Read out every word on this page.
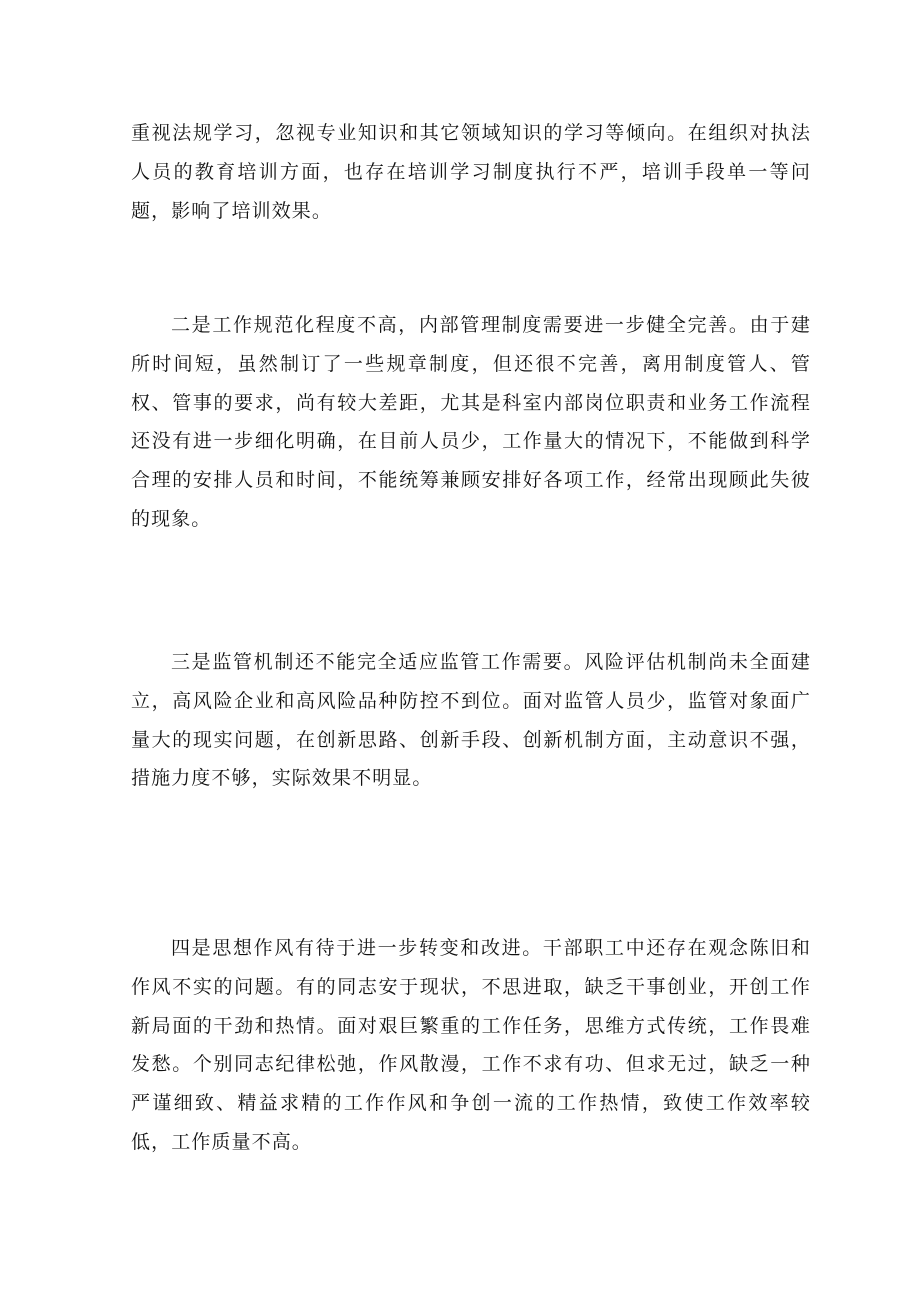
重视法规学习，忽视专业知识和其它领域知识的学习等倾向。在组织对执法人员的教育培训方面，也存在培训学习制度执行不严，培训手段单一等问题，影响了培训效果。

二是工作规范化程度不高，内部管理制度需要进一步健全完善。由于建所时间短，虽然制订了一些规章制度，但还很不完善，离用制度管人、管权、管事的要求，尚有较大差距，尤其是科室内部岗位职责和业务工作流程还没有进一步细化明确，在目前人员少，工作量大的情况下，不能做到科学合理的安排人员和时间，不能统筹兼顾安排好各项工作，经常出现顾此失彼的现象。

三是监管机制还不能完全适应监管工作需要。风险评估机制尚未全面建立，高风险企业和高风险品种防控不到位。面对监管人员少，监管对象面广量大的现实问题，在创新思路、创新手段、创新机制方面，主动意识不强，措施力度不够，实际效果不明显。

四是思想作风有待于进一步转变和改进。干部职工中还存在观念陈旧和作风不实的问题。有的同志安于现状，不思进取，缺乏干事创业，开创工作新局面的干劲和热情。面对艰巨繁重的工作任务，思维方式传统，工作畏难发愁。个别同志纪律松弛，作风散漫，工作不求有功、但求无过，缺乏一种严谨细致、精益求精的工作作风和争创一流的工作热情，致使工作效率较低，工作质量不高。
